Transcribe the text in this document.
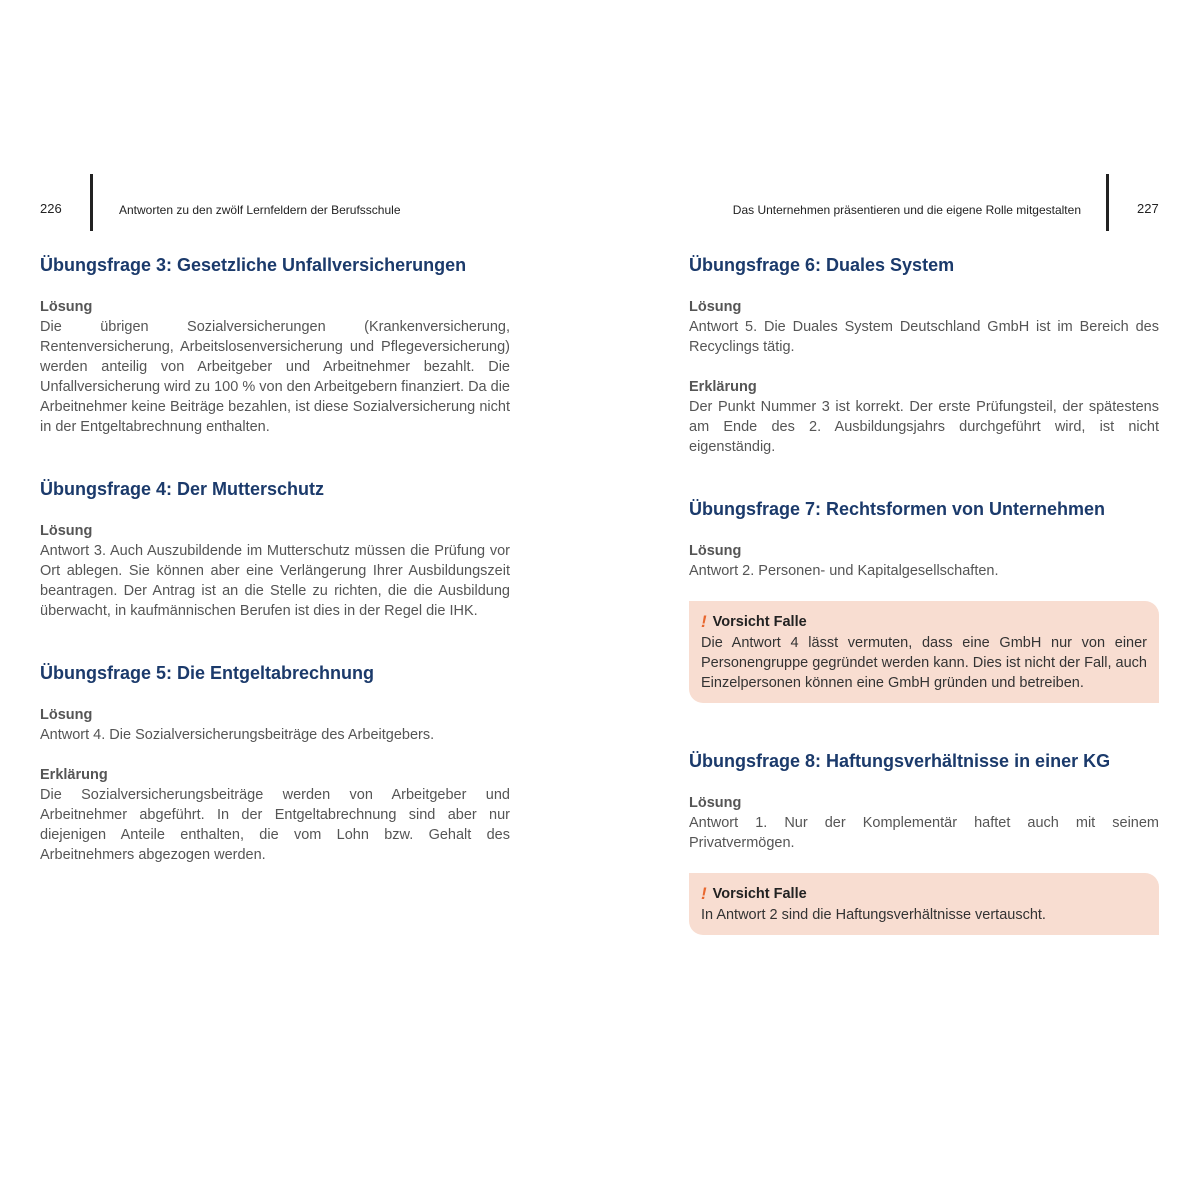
226	Antworten zu den zwölf Lernfeldern der Berufsschule
Übungsfrage 3: Gesetzliche Unfallversicherungen
Lösung

Die übrigen Sozialversicherungen (Krankenversicherung, Rentenversicherung, Arbeitslosenversicherung und Pflegeversicherung) werden anteilig von Arbeitgeber und Arbeitnehmer bezahlt. Die Unfallversicherung wird zu 100 % von den Arbeitgebern finanziert. Da die Arbeitnehmer keine Beiträge bezahlen, ist diese Sozialversicherung nicht in der Entgeltabrechnung enthalten.

Übungsfrage 4: Der Mutterschutz
Lösung

Antwort 3. Auch Auszubildende im Mutterschutz müssen die Prüfung vor Ort ablegen. Sie können aber eine Verlängerung Ihrer Ausbildungszeit beantragen. Der Antrag ist an die Stelle zu richten, die die Ausbildung überwacht, in kaufmännischen Berufen ist dies in der Regel die IHK.

Übungsfrage 5: Die Entgeltabrechnung
Lösung

Antwort 4. Die Sozialversicherungsbeiträge des Arbeitgebers.

Erklärung

Die Sozialversicherungsbeiträge werden von Arbeitgeber und Arbeitnehmer abgeführt. In der Entgeltabrechnung sind aber nur diejenigen Anteile enthalten, die vom Lohn bzw. Gehalt des Arbeitnehmers abgezogen werden.

Das Unternehmen präsentieren und die eigene Rolle mitgestalten	227
Übungsfrage 6: Duales System
Lösung

Antwort 5. Die Duales System Deutschland GmbH ist im Bereich des Recyclings tätig.

Erklärung

Der Punkt Nummer 3 ist korrekt. Der erste Prüfungsteil, der spätestens am Ende des 2. Ausbildungsjahrs durchgeführt wird, ist nicht eigenständig.

Übungsfrage 7: Rechtsformen von Unternehmen
Lösung

Antwort 2. Personen- und Kapitalgesellschaften.

! Vorsicht Falle

Die Antwort 4 lässt vermuten, dass eine GmbH nur von einer Personengruppe gegründet werden kann. Dies ist nicht der Fall, auch Einzelpersonen können eine GmbH gründen und betreiben.

Übungsfrage 8: Haftungsverhältnisse in einer KG
Lösung

Antwort 1. Nur der Komplementär haftet auch mit seinem Privatvermögen.

! Vorsicht Falle

In Antwort 2 sind die Haftungsverhältnisse vertauscht.
